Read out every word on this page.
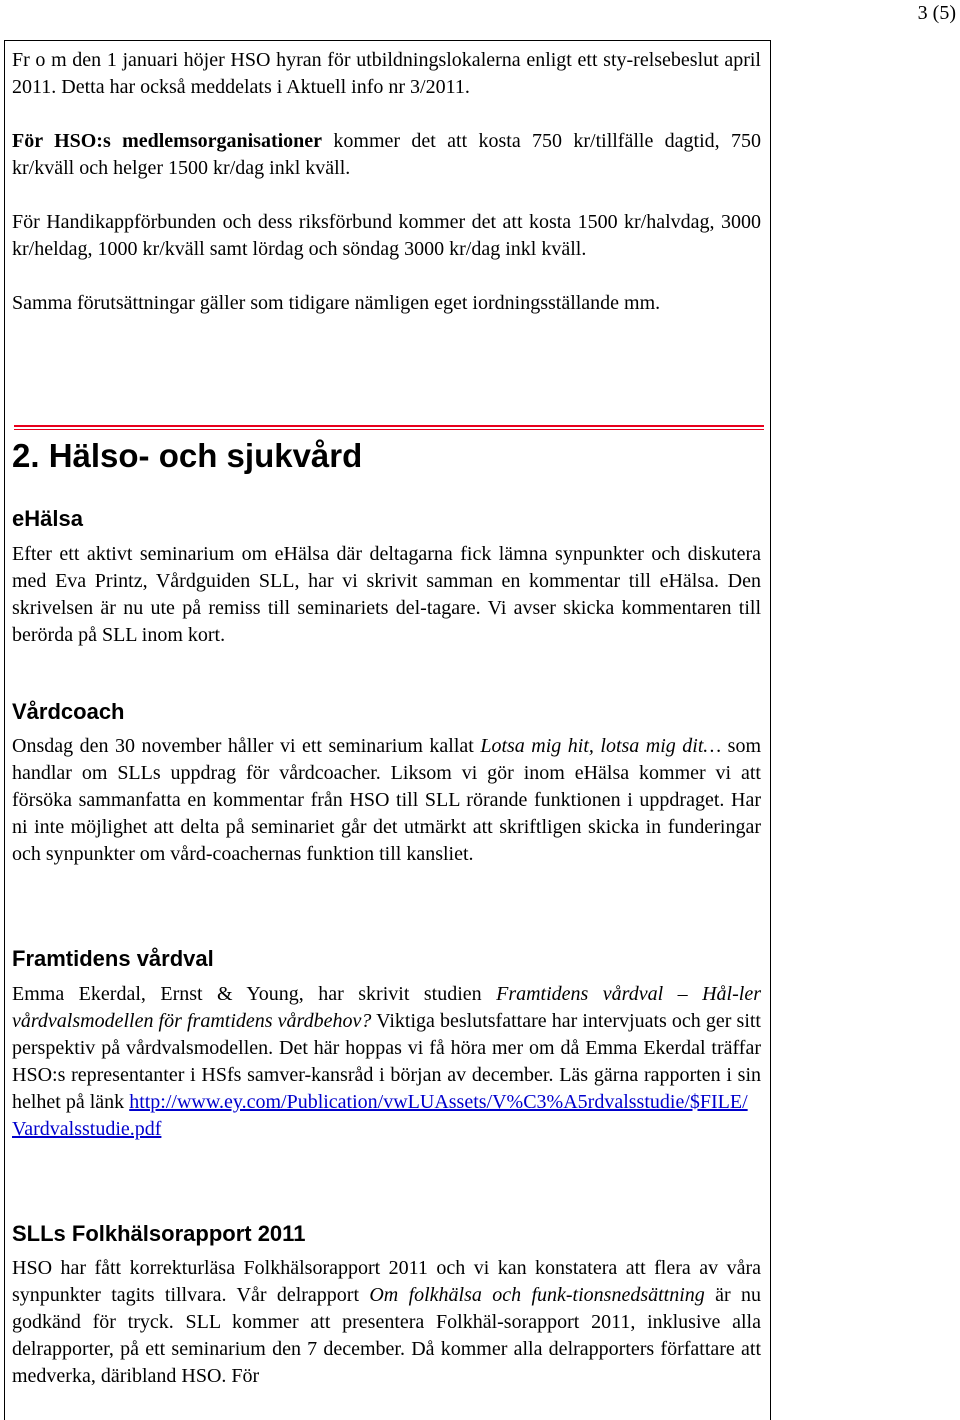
3 (5)

Fr o m den 1 januari höjer HSO hyran för utbildningslokalerna enligt ett sty-relsebeslut april 2011. Detta har också meddelats i Aktuell info nr 3/2011.

För HSO:s medlemsorganisationer kommer det att kosta 750 kr/tillfälle dagtid, 750 kr/kväll och helger 1500 kr/dag inkl kväll.

För Handikappförbunden och dess riksförbund kommer det att kosta 1500 kr/halvdag, 3000 kr/heldag, 1000 kr/kväll samt lördag och söndag 3000 kr/dag inkl kväll.

Samma förutsättningar gäller som tidigare nämligen eget iordningsställande mm.

2. Hälso- och sjukvård
eHälsa

Efter ett aktivt seminarium om eHälsa där deltagarna fick lämna synpunkter och diskutera med Eva Printz, Vårdguiden SLL, har vi skrivit samman en kommentar till eHälsa. Den skrivelsen är nu ute på remiss till seminariets del-tagare. Vi avser skicka kommentaren till berörda på SLL inom kort.

Vårdcoach

Onsdag den 30 november håller vi ett seminarium kallat Lotsa mig hit, lotsa mig dit… som handlar om SLLs uppdrag för vårdcoacher. Liksom vi gör inom eHälsa kommer vi att försöka sammanfatta en kommentar från HSO till SLL rörande funktionen i uppdraget. Har ni inte möjlighet att delta på seminariet går det utmärkt att skriftligen skicka in funderingar och synpunkter om vård-coachernas funktion till kansliet.

Framtidens vårdval

Emma Ekerdal, Ernst & Young, har skrivit studien Framtidens vårdval – Hål-ler vårdvalsmodellen för framtidens vårdbehov? Viktiga beslutsfattare har intervjuats och ger sitt perspektiv på vårdvalsmodellen. Det här hoppas vi få höra mer om då Emma Ekerdal träffar HSO:s representanter i HSfs samver-kansråd i början av december. Läs gärna rapporten i sin helhet på länk http://www.ey.com/Publication/vwLUAssets/V%C3%A5rdvalsstudie/$FILE/
Vardvalsstudie.pdf

SLLs Folkhälsorapport 2011

HSO har fått korrekturläsa Folkhälsorapport 2011 och vi kan konstatera att flera av våra synpunkter tagits tillvara. Vår delrapport Om folkhälsa och funk-tionsnedsättning är nu godkänd för tryck. SLL kommer att presentera Folkhäl-sorapport 2011, inklusive alla delrapporter, på ett seminarium den 7 december. Då kommer alla delrapporters författare att medverka, däribland HSO. För
